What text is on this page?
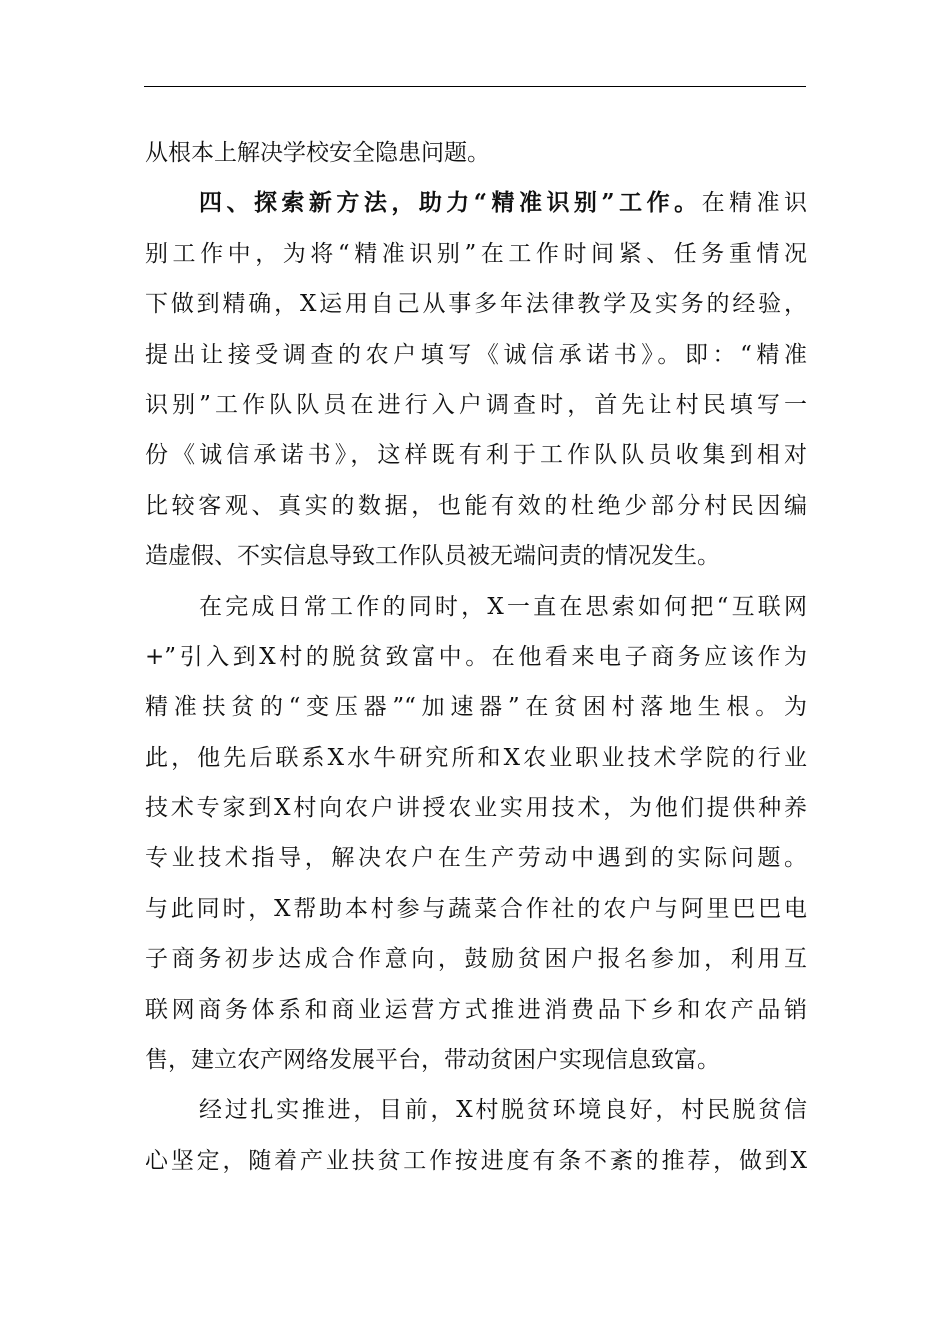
从根本上解决学校安全隐患问题。
四、探索新方法，助力“精准识别”工作。在精准识
别工作中，为将“精准识别”在工作时间紧、任务重情况
下做到精确，X运用自己从事多年法律教学及实务的经验，
提出让接受调查的农户填写《诚信承诺书》。即：“精准
识别”工作队队员在进行入户调查时，首先让村民填写一
份《诚信承诺书》，这样既有利于工作队队员收集到相对
比较客观、真实的数据，也能有效的杜绝少部分村民因编
造虚假、不实信息导致工作队员被无端问责的情况发生。
在完成日常工作的同时，X一直在思索如何把“互联网
+”引入到X村的脱贫致富中。在他看来电子商务应该作为
精准扶贫的“变压器”“加速器”在贫困村落地生根。为
此，他先后联系X水牛研究所和X农业职业技术学院的行业
技术专家到X村向农户讲授农业实用技术，为他们提供种养
专业技术指导，解决农户在生产劳动中遇到的实际问题。
与此同时，X帮助本村参与蔬菜合作社的农户与阿里巴巴电
子商务初步达成合作意向，鼓励贫困户报名参加，利用互
联网商务体系和商业运营方式推进消费品下乡和农产品销
售，建立农产网络发展平台，带动贫困户实现信息致富。
经过扎实推进，目前，X村脱贫环境良好，村民脱贫信
心坚定，随着产业扶贫工作按进度有条不紊的推荐，做到X
